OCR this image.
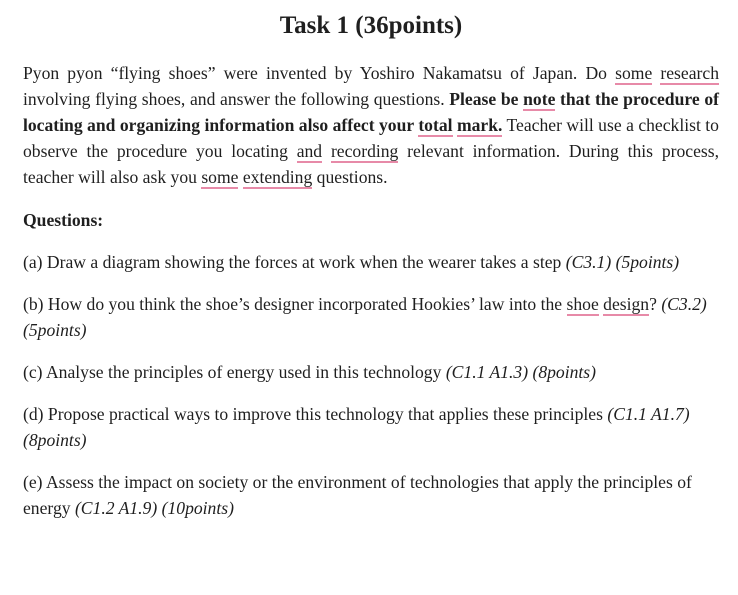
Task 1 (36points)

Pyon pyon “flying shoes” were invented by Yoshiro Nakamatsu of Japan. Do some research involving flying shoes, and answer the following questions. Please be note that the procedure of locating and organizing information also affect your total mark. Teacher will use a checklist to observe the procedure you locating and recording relevant information. During this process, teacher will also ask you some extending questions.

Questions:

(a) Draw a diagram showing the forces at work when the wearer takes a step (C3.1) (5points)

(b) How do you think the shoe’s designer incorporated Hookies’ law into the shoe design? (C3.2) (5points)

(c) Analyse the principles of energy used in this technology (C1.1 A1.3) (8points)

(d) Propose practical ways to improve this technology that applies these principles (C1.1 A1.7) (8points)

(e) Assess the impact on society or the environment of technologies that apply the principles of energy (C1.2 A1.9) (10points)
